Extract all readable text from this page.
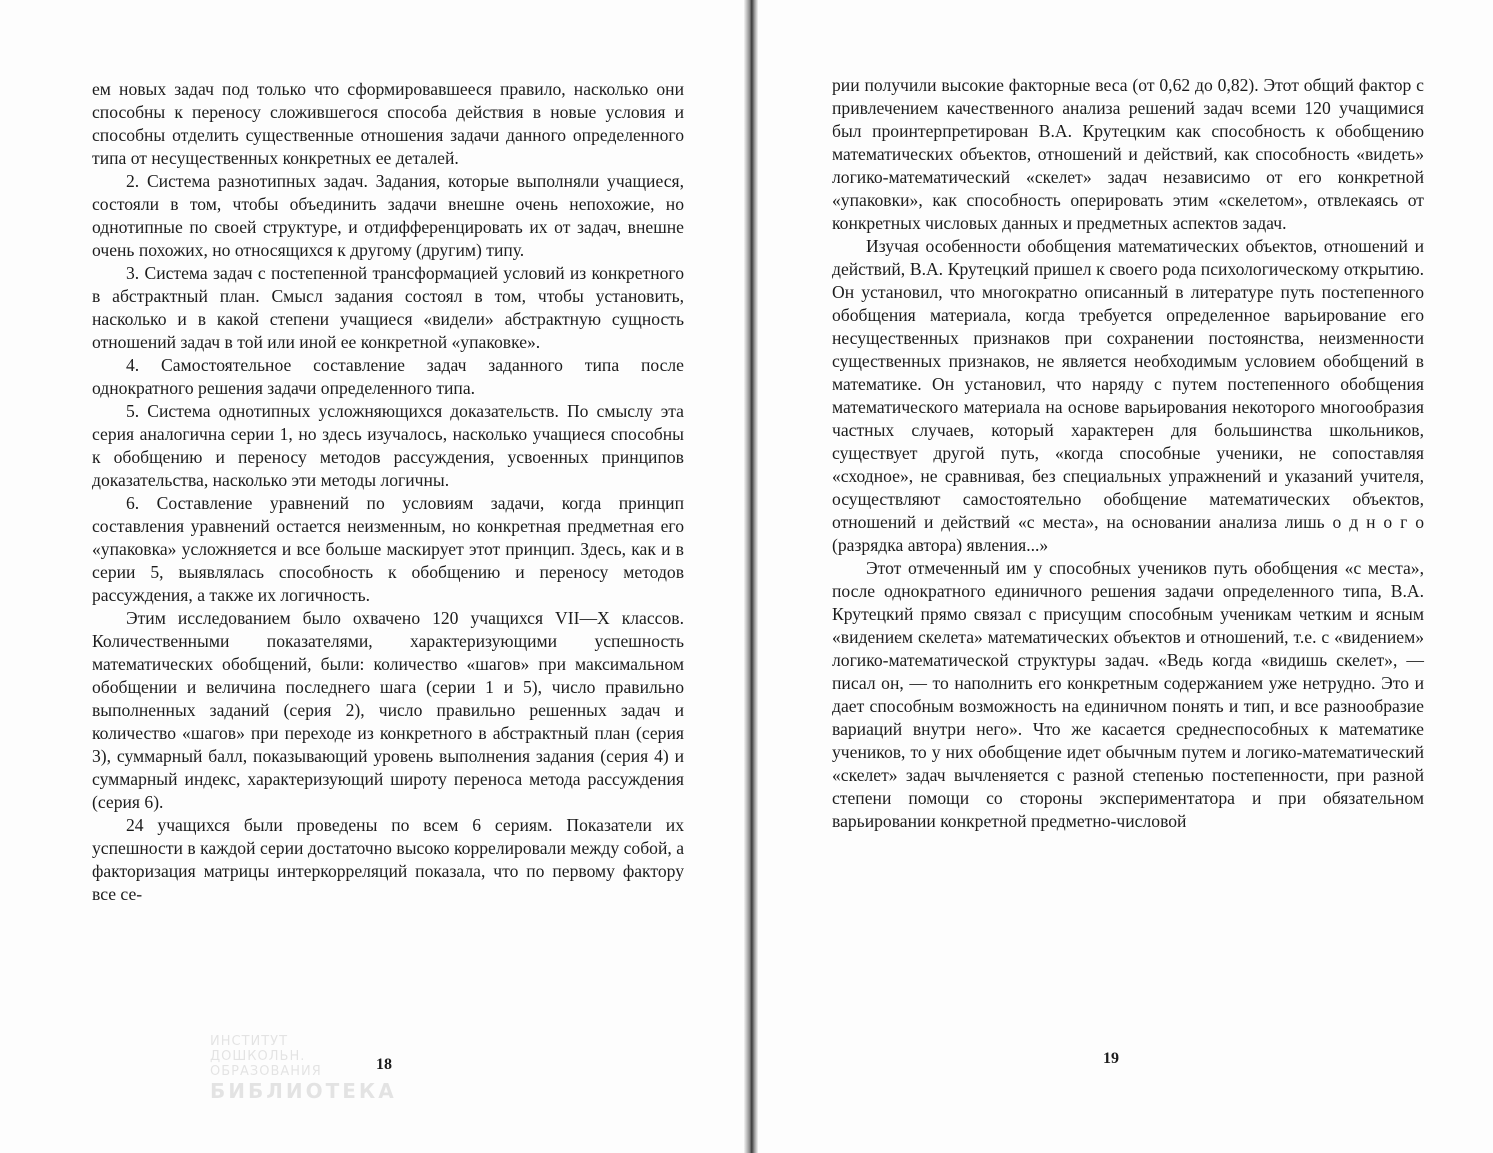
ем новых задач под только что сформировавшееся правило, насколько они способны к переносу сложившегося способа действия в новые условия и способны отделить существенные отношения задачи данного определенного типа от несущественных конкретных ее деталей.

2. Система разнотипных задач. Задания, которые выполняли учащиеся, состояли в том, чтобы объединить задачи внешне очень непохожие, но однотипные по своей структуре, и отдифференцировать их от задач, внешне очень похожих, но относящихся к другому (другим) типу.

3. Система задач с постепенной трансформацией условий из конкретного в абстрактный план. Смысл задания состоял в том, чтобы установить, насколько и в какой степени учащиеся «видели» абстрактную сущность отношений задач в той или иной ее конкретной «упаковке».

4. Самостоятельное составление задач заданного типа после однократного решения задачи определенного типа.

5. Система однотипных усложняющихся доказательств. По смыслу эта серия аналогична серии 1, но здесь изучалось, насколько учащиеся способны к обобщению и переносу методов рассуждения, усвоенных принципов доказательства, насколько эти методы логичны.

6. Составление уравнений по условиям задачи, когда принцип составления уравнений остается неизменным, но конкретная предметная его «упаковка» усложняется и все больше маскирует этот принцип. Здесь, как и в серии 5, выявлялась способность к обобщению и переносу методов рассуждения, а также их логичность.

Этим исследованием было охвачено 120 учащихся VII—X классов. Количественными показателями, характеризующими успешность математических обобщений, были: количество «шагов» при максимальном обобщении и величина последнего шага (серии 1 и 5), число правильно выполненных заданий (серия 2), число правильно решенных задач и количество «шагов» при переходе из конкретного в абстрактный план (серия 3), суммарный балл, показывающий уровень выполнения задания (серия 4) и суммарный индекс, характеризующий широту переноса метода рассуждения (серия 6).

24 учащихся были проведены по всем 6 сериям. Показатели их успешности в каждой серии достаточно высоко коррелировали между собой, а факторизация матрицы интеркорреляций показала, что по первому фактору все се-

ИНСТИТУТ ДОШКОЛЬН.
ОБРАЗОВАНИЯ
БИБЛИОТЕКА
18

рии получили высокие факторные веса (от 0,62 до 0,82). Этот общий фактор с привлечением качественного анализа решений задач всеми 120 учащимися был проинтерпретирован В.А. Крутецким как способность к обобщению математических объектов, отношений и действий, как способность «видеть» логико-математический «скелет» задач независимо от его конкретной «упаковки», как способность оперировать этим «скелетом», отвлекаясь от конкретных числовых данных и предметных аспектов задач.

Изучая особенности обобщения математических объектов, отношений и действий, В.А. Крутецкий пришел к своего рода психологическому открытию. Он установил, что многократно описанный в литературе путь постепенного обобщения материала, когда требуется определенное варьирование его несущественных признаков при сохранении постоянства, неизменности существенных признаков, не является необходимым условием обобщений в математике. Он установил, что наряду с путем постепенного обобщения математического материала на основе варьирования некоторого многообразия частных случаев, который характерен для большинства школьников, существует другой путь, «когда способные ученики, не сопоставляя «сходное», не сравнивая, без специальных упражнений и указаний учителя, осуществляют самостоятельно обобщение математических объектов, отношений и действий «с места», на основании анализа лишь о д н о г о (разрядка автора) явления...»

Этот отмеченный им у способных учеников путь обобщения «с места», после однократного единичного решения задачи определенного типа, В.А. Крутецкий прямо связал с присущим способным ученикам четким и ясным «видением скелета» математических объектов и отношений, т.е. с «видением» логико-математической структуры задач. «Ведь когда «видишь скелет», — писал он, — то наполнить его конкретным содержанием уже нетрудно. Это и дает способным возможность на единичном понять и тип, и все разнообразие вариаций внутри него». Что же касается среднеспособных к математике учеников, то у них обобщение идет обычным путем и логико-математический «скелет» задач вычленяется с разной степенью постепенности, при разной степени помощи со стороны экспериментатора и при обязательном варьировании конкретной предметно-числовой

19
